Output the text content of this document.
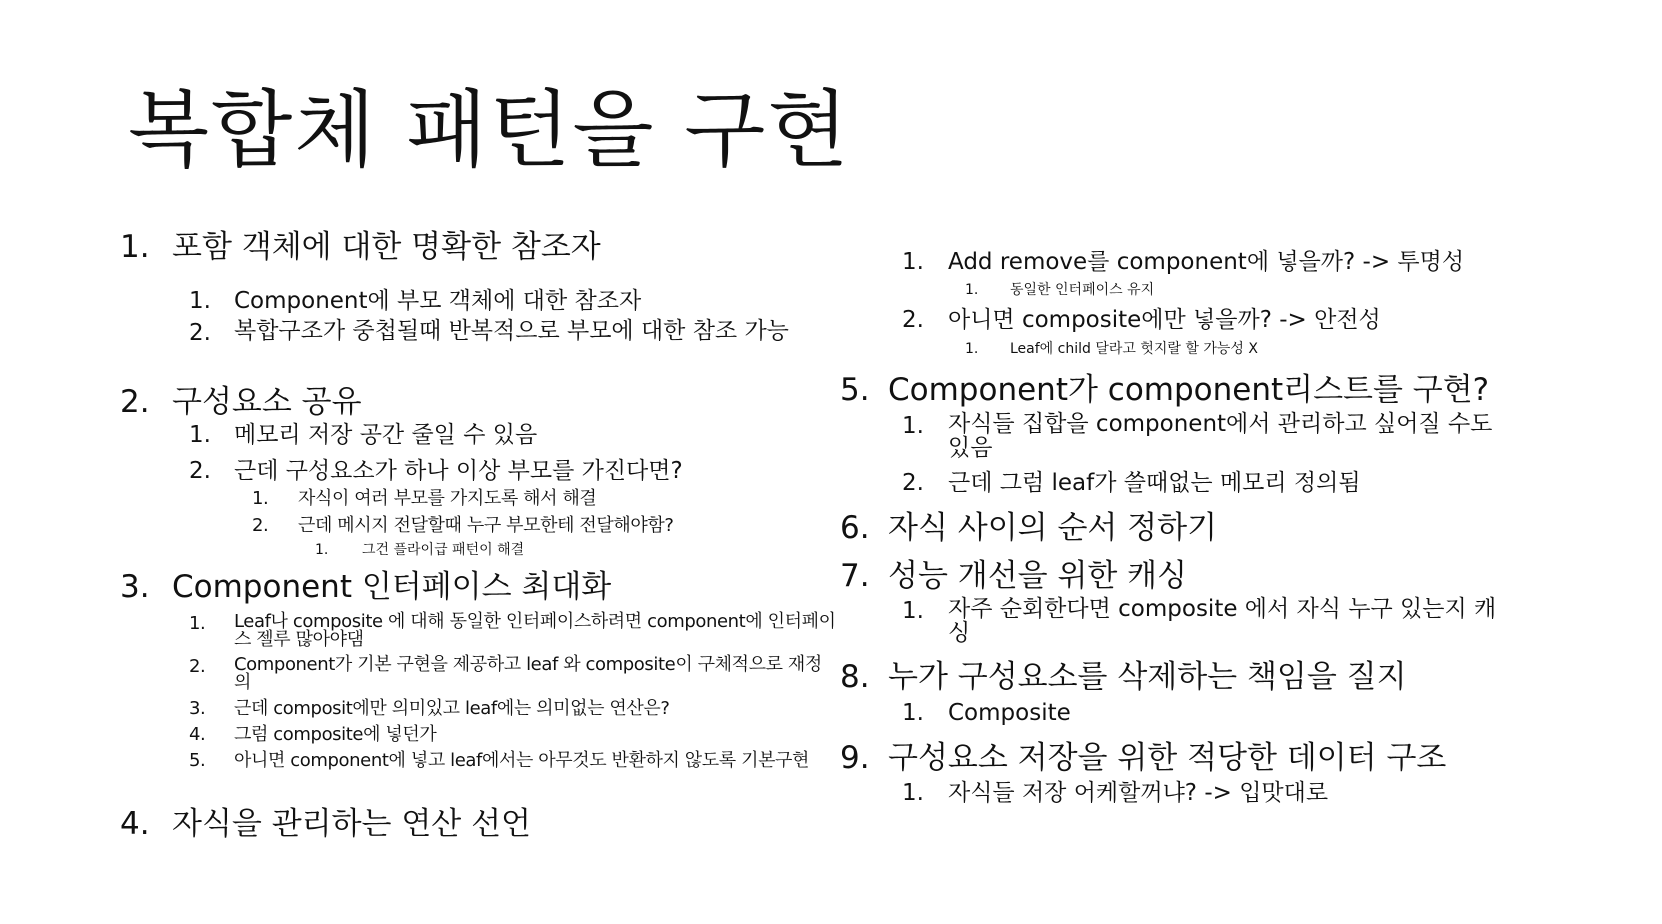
복합체 패턴을 구현
1. 포함 객체에 대한 명확한 참조자
1. Component에 부모 객체에 대한 참조자
2. 복합구조가 중첩될때 반복적으로 부모에 대한 참조 가능
2. 구성요소 공유
1. 메모리 저장 공간 줄일 수 있음
2. 근데 구성요소가 하나 이상 부모를 가진다면?
1. 자식이 여러 부모를 가지도록 해서 해결
2. 근데 메시지 전달할때 누구 부모한테 전달해야함?
1. 그건 플라이급 패턴이 해결
3. Component 인터페이스 최대화
1. Leaf나 composite 에 대해 동일한 인터페이스하려면 component에 인터페이스 젤루 많아야댐
2. Component가 기본 구현을 제공하고 leaf 와 composite이 구체적으로 재정의
3. 근데 composit에만 의미있고 leaf에는 의미없는 연산은?
4. 그럼 composite에 넣던가
5. 아니면 component에 넣고 leaf에서는 아무것도 반환하지 않도록 기본구현
4. 자식을 관리하는 연산 선언
1. Add remove를 component에 넣을까? -> 투명성
1. 동일한 인터페이스 유지
2. 아니면 composite에만 넣을까? -> 안전성
1. Leaf에 child 달라고 헛지랄 할 가능성 X
5. Component가 component리스트를 구현?
1. 자식들 집합을 component에서 관리하고 싶어질 수도 있음
2. 근데 그럼 leaf가 쓸때없는 메모리 정의됨
6. 자식 사이의 순서 정하기
7. 성능 개선을 위한 캐싱
1. 자주 순회한다면 composite 에서 자식 누구 있는지 캐싱
8. 누가 구성요소를 삭제하는 책임을 질지
1. Composite
9. 구성요소 저장을 위한 적당한 데이터 구조
1. 자식들 저장 어케할꺼냐? -> 입맛대로
